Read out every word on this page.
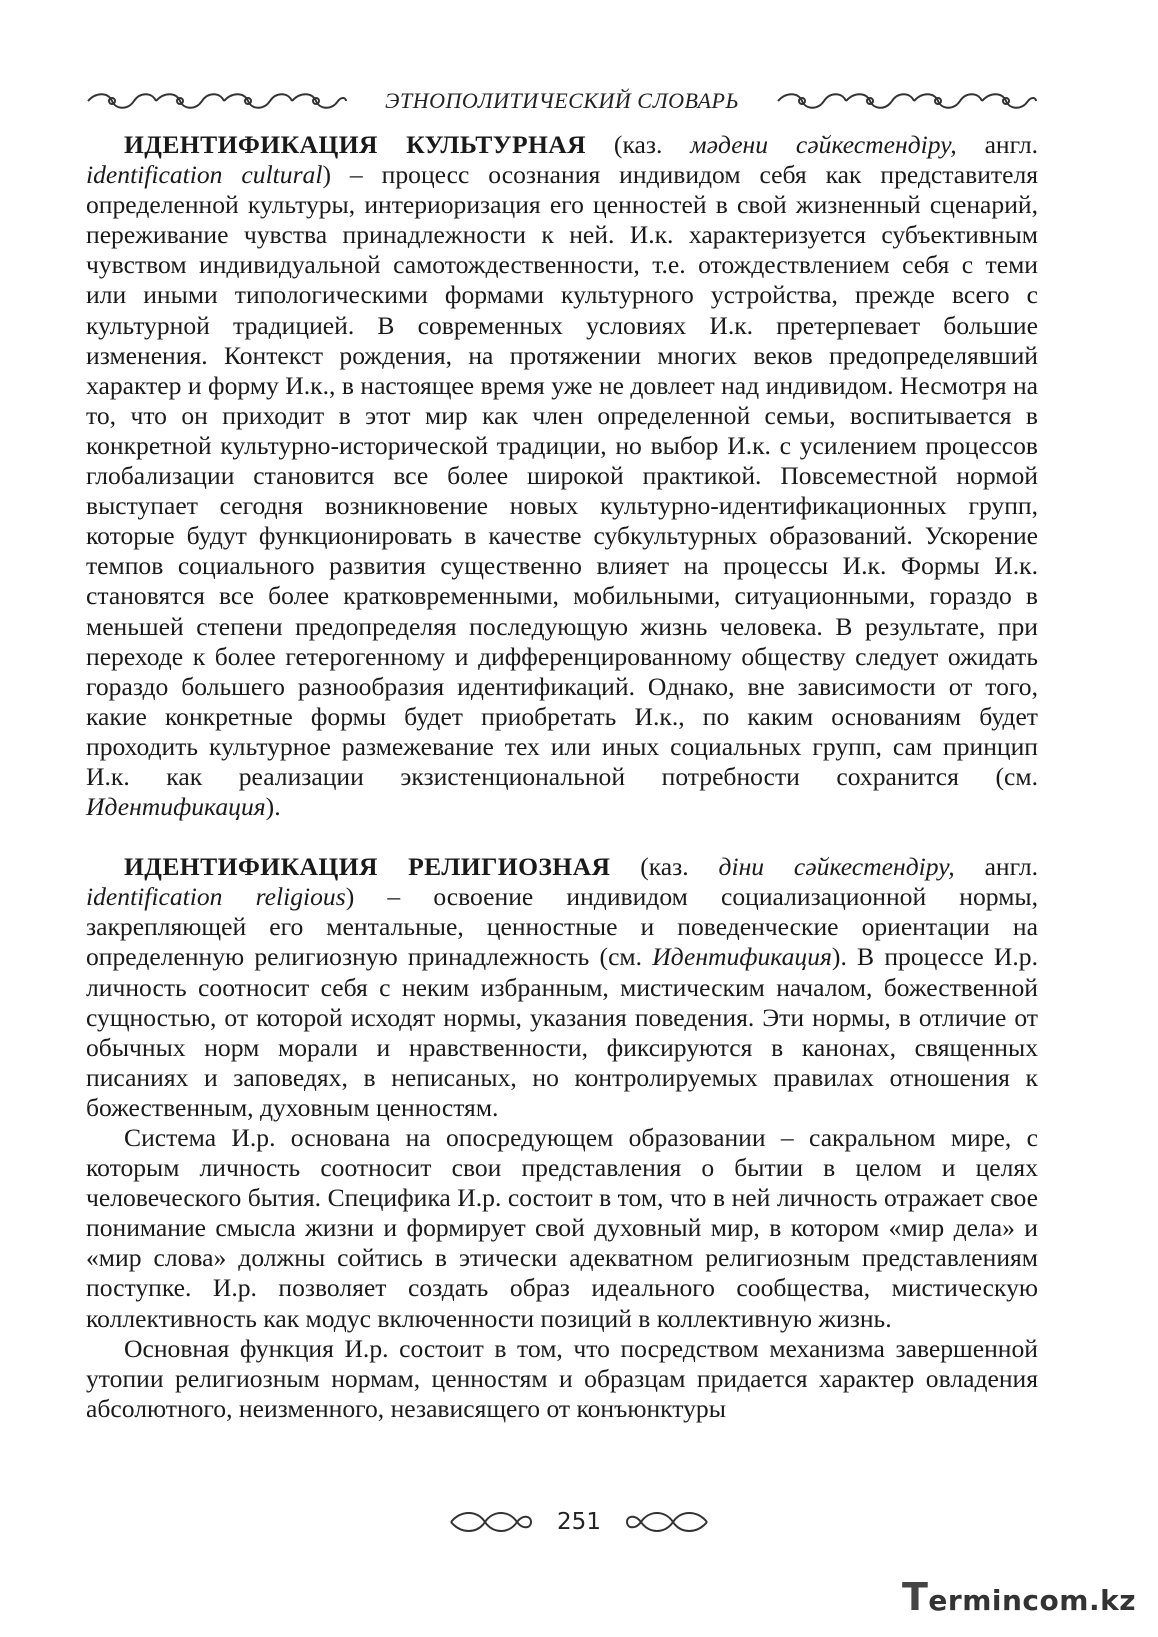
ЭТНОПОЛИТИЧЕСКИЙ СЛОВАРЬ

ИДЕНТИФИКАЦИЯ КУЛЬТУРНАЯ (каз. мәдени сәйкестендіру, англ. identification cultural) – процесс осознания индивидом себя как представителя определенной культуры, интериоризация его ценностей в свой жизненный сценарий, переживание чувства принадлежности к ней. И.к. характеризуется субъективным чувством индивидуальной самотождественности, т.е. отождествлением себя с теми или иными типологическими формами культурного устройства, прежде всего с культурной традицией. В современных условиях И.к. претерпевает большие изменения. Контекст рождения, на протяжении многих веков предопределявший характер и форму И.к., в настоящее время уже не довлеет над индивидом. Несмотря на то, что он приходит в этот мир как член определенной семьи, воспитывается в конкретной культурно-исторической традиции, но выбор И.к. с усилением процессов глобализации становится все более широкой практикой. Повсеместной нормой выступает сегодня возникновение новых культурно-идентификационных групп, которые будут функционировать в качестве субкультурных образований. Ускорение темпов социального развития существенно влияет на процессы И.к. Формы И.к. становятся все более кратковременными, мобильными, ситуационными, гораздо в меньшей степени предопределяя последующую жизнь человека. В результате, при переходе к более гетерогенному и дифференцированному обществу следует ожидать гораздо большего разнообразия идентификаций. Однако, вне зависимости от того, какие конкретные формы будет приобретать И.к., по каким основаниям будет проходить культурное размежевание тех или иных социальных групп, сам принцип И.к. как реализации экзистенциональной потребности сохранится (см. Идентификация).

ИДЕНТИФИКАЦИЯ РЕЛИГИОЗНАЯ (каз. діни сәйкестендіру, англ. identification religious) – освоение индивидом социализационной нормы, закрепляющей его ментальные, ценностные и поведенческие ориентации на определенную религиозную принадлежность (см. Идентификация). В процессе И.р. личность соотносит себя с неким избранным, мистическим началом, божественной сущностью, от которой исходят нормы, указания поведения. Эти нормы, в отличие от обычных норм морали и нравственности, фиксируются в канонах, священных писаниях и заповедях, в неписаных, но контролируемых правилах отношения к божественным, духовным ценностям.

Система И.р. основана на опосредующем образовании – сакральном мире, с которым личность соотносит свои представления о бытии в целом и целях человеческого бытия. Специфика И.р. состоит в том, что в ней личность отражает свое понимание смысла жизни и формирует свой духовный мир, в котором «мир дела» и «мир слова» должны сойтись в этически адекватном религиозным представлениям поступке. И.р. позволяет создать образ идеального сообщества, мистическую коллективность как модус включенности позиций в коллективную жизнь.

Основная функция И.р. состоит в том, что посредством механизма завершенной утопии религиозным нормам, ценностям и образцам придается характер овладения абсолютного, неизменного, независящего от конъюнктуры

251
Termincom.kz
